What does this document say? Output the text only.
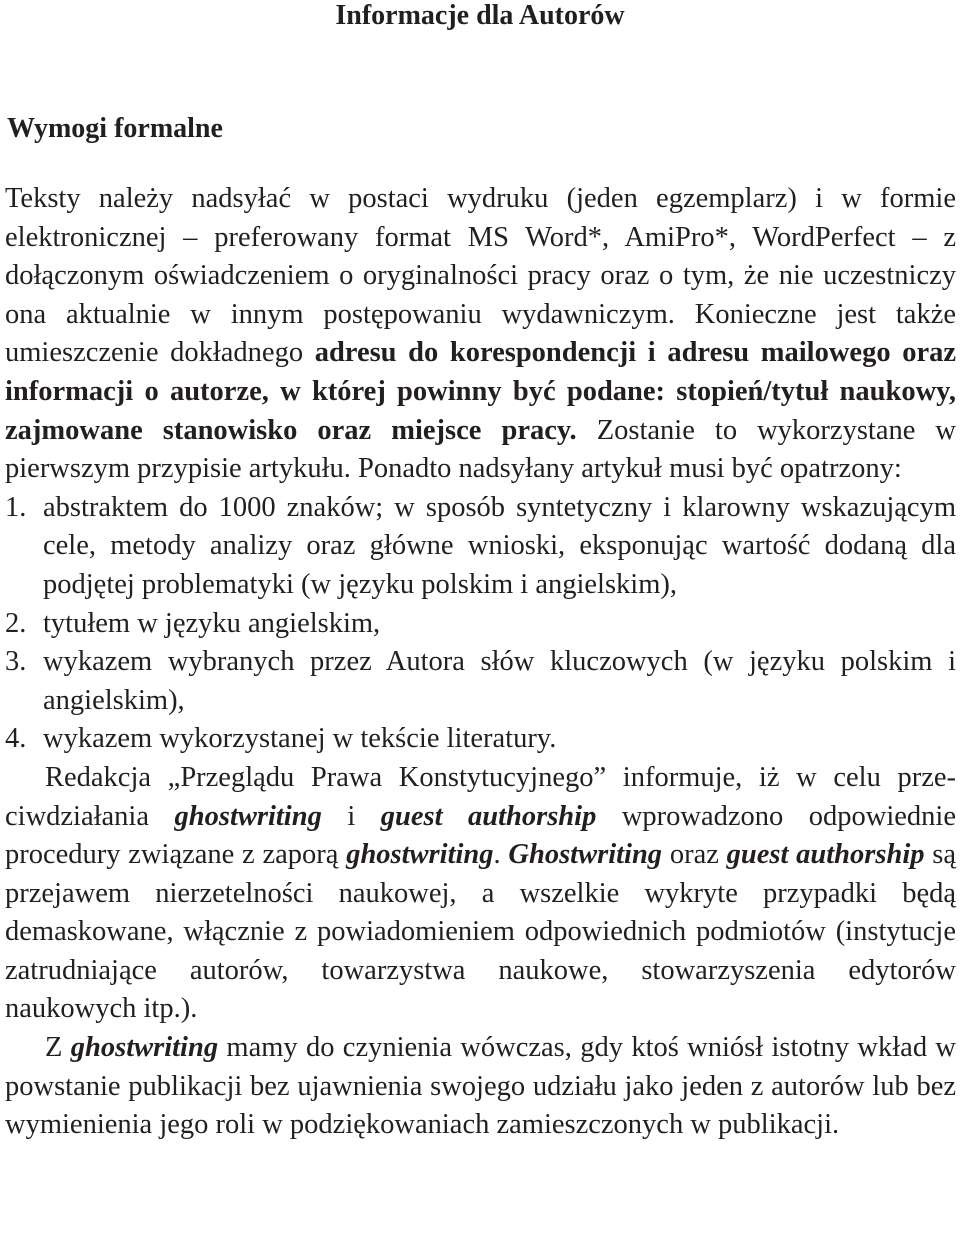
Informacje dla Autorów
Wymogi formalne

Teksty należy nadsyłać w postaci wydruku (jeden egzemplarz) i w formie elektronicznej – preferowany format MS Word*, AmiPro*, WordPerfect – z dołączonym oświadczeniem o oryginalności pracy oraz o tym, że nie uczestniczy ona aktualnie w innym postępowaniu wydawniczym. Konieczne jest także umieszczenie dokładnego adresu do korespondencji i adresu mailowego oraz informacji o autorze, w której powinny być podane: stopień/tytuł naukowy, zajmowane stanowisko oraz miejsce pracy. Zostanie to wykorzystane w pierwszym przypisie artykułu. Ponadto nadsyłany artykuł musi być opatrzony:

1. abstraktem do 1000 znaków; w sposób syntetyczny i klarowny wskazującym cele, metody analizy oraz główne wnioski, eksponując wartość dodaną dla podjętej problematyki (w języku polskim i angielskim),
2. tytułem w języku angielskim,
3. wykazem wybranych przez Autora słów kluczowych (w języku polskim i angielskim),
4. wykazem wykorzystanej w tekście literatury.

Redakcja „Przeglądu Prawa Konstytucyjnego” informuje, iż w celu przeciwdziałania ghostwriting i guest authorship wprowadzono odpowiednie procedury związane z zaporą ghostwriting. Ghostwriting oraz guest authorship są przejawem nierzetelności naukowej, a wszelkie wykryte przypadki będą demaskowane, włącznie z powiadomieniem odpowiednich podmiotów (instytucje zatrudniające autorów, towarzystwa naukowe, stowarzyszenia edytorów naukowych itp.).

Z ghostwriting mamy do czynienia wówczas, gdy ktoś wniósł istotny wkład w powstanie publikacji bez ujawnienia swojego udziału jako jeden z autorów lub bez wymienienia jego roli w podziękowaniach zamieszczonych w publikacji.
